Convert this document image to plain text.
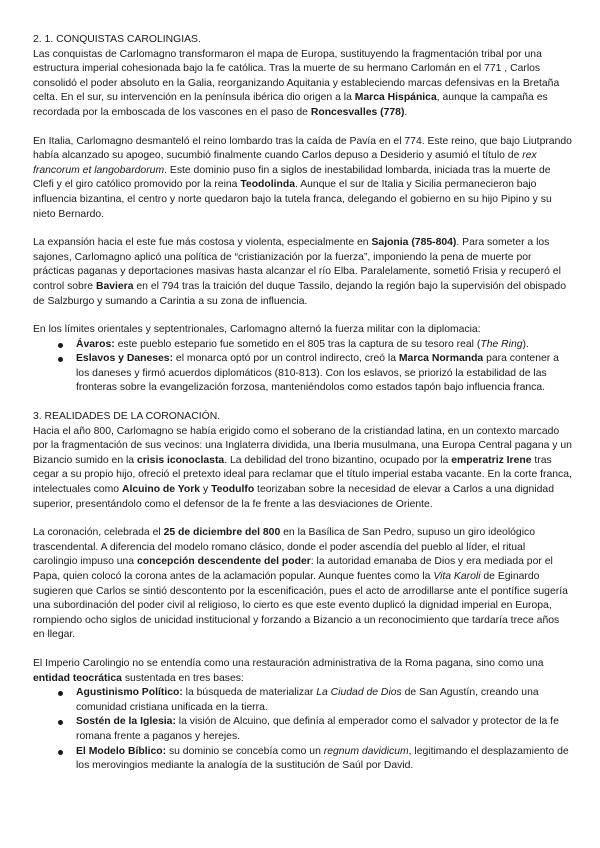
2. 1. CONQUISTAS CAROLINGIAS.

Las conquistas de Carlomagno transformaron el mapa de Europa, sustituyendo la fragmentación tribal por una estructura imperial cohesionada bajo la fe católica. Tras la muerte de su hermano Carlomán en el 771 , Carlos consolidó el poder absoluto en la Galia, reorganizando Aquitania y estableciendo marcas defensivas en la Bretaña celta. En el sur, su intervención en la península ibérica dio origen a la Marca Hispánica, aunque la campaña es recordada por la emboscada de los vascones en el paso de Roncesvalles (778).

En Italia, Carlomagno desmanteló el reino lombardo tras la caída de Pavía en el 774. Este reino, que bajo Liutprando había alcanzado su apogeo, sucumbió finalmente cuando Carlos depuso a Desiderio y asumió el título de rex francorum et langobardorum. Este dominio puso fin a siglos de inestabilidad lombarda, iniciada tras la muerte de Clefi y el giro católico promovido por la reina Teodolinda. Aunque el sur de Italia y Sicilia permanecieron bajo influencia bizantina, el centro y norte quedaron bajo la tutela franca, delegando el gobierno en su hijo Pipino y su nieto Bernardo.

La expansión hacia el este fue más costosa y violenta, especialmente en Sajonia (785-804). Para someter a los sajones, Carlomagno aplicó una política de “cristianización por la fuerza”, imponiendo la pena de muerte por prácticas paganas y deportaciones masivas hasta alcanzar el río Elba. Paralelamente, sometió Frisia y recuperó el control sobre Baviera en el 794 tras la traición del duque Tassilo, dejando la región bajo la supervisión del obispado de Salzburgo y sumando a Carintia a su zona de influencia.

En los límites orientales y septentrionales, Carlomagno alternó la fuerza militar con la diplomacia:

Ávaros: este pueblo estepario fue sometido en el 805 tras la captura de su tesoro real (The Ring).
Eslavos y Daneses: el monarca optó por un control indirecto, creó la Marca Normanda para contener a los daneses y firmó acuerdos diplomáticos (810-813). Con los eslavos, se priorizó la estabilidad de las fronteras sobre la evangelización forzosa, manteniéndolos como estados tapón bajo influencia franca.
3. REALIDADES DE LA CORONACIÓN.

Hacia el año 800, Carlomagno se había erigido como el soberano de la cristiandad latina, en un contexto marcado por la fragmentación de sus vecinos: una Inglaterra dividida, una Iberia musulmana, una Europa Central pagana y un Bizancio sumido en la crisis iconoclasta. La debilidad del trono bizantino, ocupado por la emperatriz Irene tras cegar a su propio hijo, ofreció el pretexto ideal para reclamar que el título imperial estaba vacante. En la corte franca, intelectuales como Alcuino de York y Teodulfo teorizaban sobre la necesidad de elevar a Carlos a una dignidad superior, presentándolo como el defensor de la fe frente a las desviaciones de Oriente.

La coronación, celebrada el 25 de diciembre del 800 en la Basílica de San Pedro, supuso un giro ideológico trascendental. A diferencia del modelo romano clásico, donde el poder ascendía del pueblo al líder, el ritual carolingio impuso una concepción descendente del poder: la autoridad emanaba de Dios y era mediada por el Papa, quien colocó la corona antes de la aclamación popular. Aunque fuentes como la Vita Karoli de Eginardo sugieren que Carlos se sintió descontento por la escenificación, pues el acto de arrodillarse ante el pontífice sugería una subordinación del poder civil al religioso, lo cierto es que este evento duplicó la dignidad imperial en Europa, rompiendo ocho siglos de unicidad institucional y forzando a Bizancio a un reconocimiento que tardaría trece años en llegar.

El Imperio Carolingio no se entendía como una restauración administrativa de la Roma pagana, sino como una entidad teocrática sustentada en tres bases:

Agustinismo Político: la búsqueda de materializar La Ciudad de Dios de San Agustín, creando una comunidad cristiana unificada en la tierra.
Sostén de la Iglesia: la visión de Alcuino, que definía al emperador como el salvador y protector de la fe romana frente a paganos y herejes.
El Modelo Bíblico: su dominio se concebía como un regnum davidicum, legitimando el desplazamiento de los merovingios mediante la analogía de la sustitución de Saúl por David.
